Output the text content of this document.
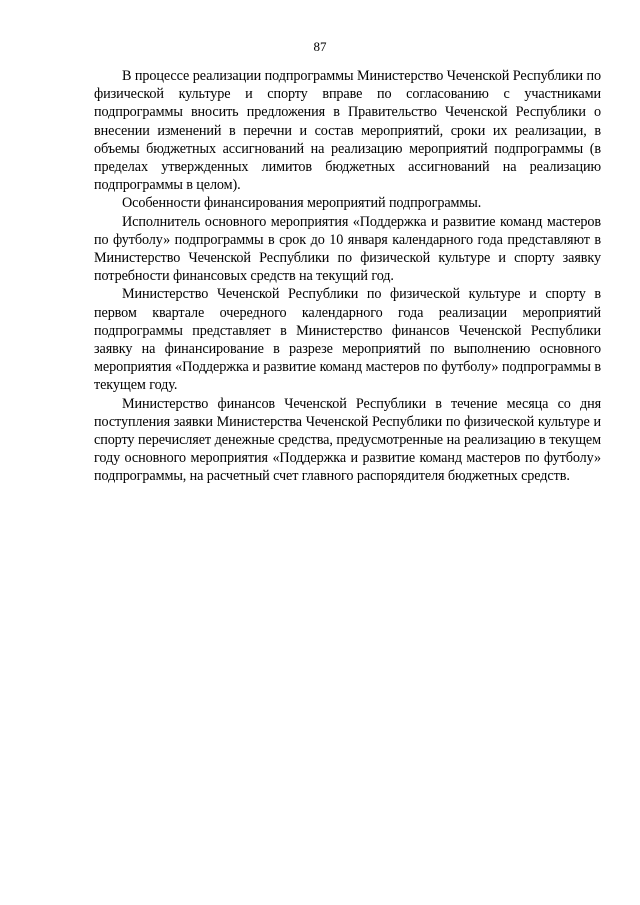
87

В процессе реализации подпрограммы Министерство Чеченской Республики по физической культуре и спорту вправе по согласованию с участниками подпрограммы вносить предложения в Правительство Чеченской Республики о внесении изменений в перечни и состав мероприятий, сроки их реализации, в объемы бюджетных ассигнований на реализацию мероприятий подпрограммы (в пределах утвержденных лимитов бюджетных ассигнований на реализацию подпрограммы в целом).

Особенности финансирования мероприятий подпрограммы.

Исполнитель основного мероприятия «Поддержка и развитие команд мастеров по футболу» подпрограммы в срок до 10 января календарного года представляют в Министерство Чеченской Республики по физической культуре и спорту заявку потребности финансовых средств на текущий год.

Министерство Чеченской Республики по физической культуре и спорту в первом квартале очередного календарного года реализации мероприятий подпрограммы представляет в Министерство финансов Чеченской Республики заявку на финансирование в разрезе мероприятий по выполнению основного мероприятия «Поддержка и развитие команд мастеров по футболу» подпрограммы в текущем году.

Министерство финансов Чеченской Республики в течение месяца со дня поступления заявки Министерства Чеченской Республики по физической культуре и спорту перечисляет денежные средства, предусмотренные на реализацию в текущем году основного мероприятия «Поддержка и развитие команд мастеров по футболу» подпрограммы, на расчетный счет главного распорядителя бюджетных средств.
